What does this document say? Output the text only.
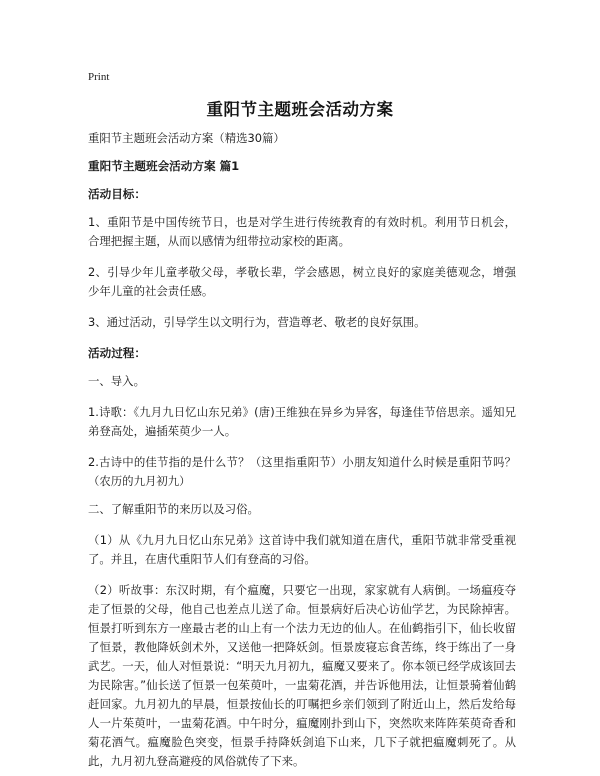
Print
重阳节主题班会活动方案

重阳节主题班会活动方案（精选30篇）

重阳节主题班会活动方案 篇1

活动目标：

1、重阳节是中国传统节日，也是对学生进行传统教育的有效时机。利用节日机会，合理把握主题，从而以感情为纽带拉动家校的距离。

2、引导少年儿童孝敬父母，孝敬长辈，学会感恩，树立良好的家庭美德观念，增强少年儿童的社会责任感。

3、通过活动，引导学生以文明行为，营造尊老、敬老的良好氛围。

活动过程：

一、导入。

1.诗歌：《九月九日忆山东兄弟》(唐)王维独在异乡为异客，每逢佳节倍思亲。遥知兄弟登高处，遍插茱萸少一人。

2.古诗中的佳节指的是什么节？（这里指重阳节）小朋友知道什么时候是重阳节吗？（农历的九月初九）

二、了解重阳节的来历以及习俗。

（1）从《九月九日忆山东兄弟》这首诗中我们就知道在唐代，重阳节就非常受重视了。并且，在唐代重阳节人们有登高的习俗。

（2）听故事：东汉时期，有个瘟魔，只要它一出现，家家就有人病倒。一场瘟疫夺走了恒景的父母，他自己也差点儿送了命。恒景病好后决心访仙学艺，为民除掉害。恒景打听到东方一座最古老的山上有一个法力无边的仙人。在仙鹤指引下，仙长收留了恒景，教他降妖剑术外，又送他一把降妖剑。恒景废寝忘食苦练，终于练出了一身武艺。一天，仙人对恒景说：“明天九月初九，瘟魔又要来了。你本领已经学成该回去为民除害。”仙长送了恒景一包茱萸叶，一盅菊花酒，并告诉他用法，让恒景骑着仙鹤赶回家。九月初九的早晨，恒景按仙长的叮嘱把乡亲们领到了附近山上，然后发给每人一片茱萸叶，一盅菊花酒。中午时分，瘟魔刚扑到山下，突然吹来阵阵茱萸奇香和菊花酒气。瘟魔脸色突变，恒景手持降妖剑追下山来，几下子就把瘟魔刺死了。从此，九月初九登高避疫的风俗就传了下来。
